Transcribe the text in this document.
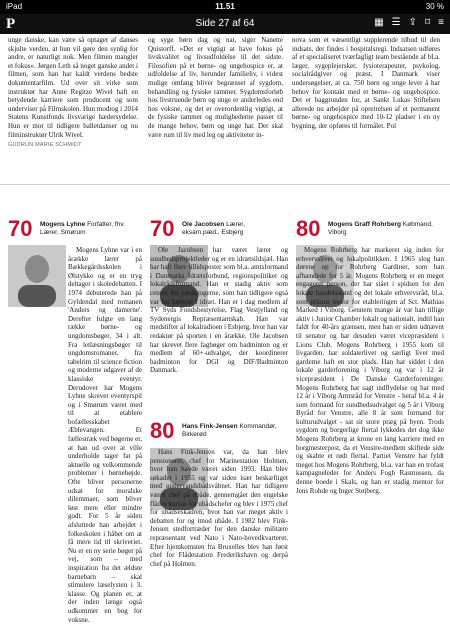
iPad	11.51	30 %
P	Side 27 af 64	▦ ☰ ⇪ ⌑ ≡

unge danske, kan være så optaget af danses skjulte verden, at hun vil gøre den synlig for andre, er naturligt nok. Men filmen mangler et fokus«. Jørgen Leth så noget ganske andet i filmen, som han har kaldt verdens bedste dokumentarfilm. Ud over sit virke som instruktør har Anne Regitze Wivel haft en betydende karriere som producent og som underviser på Filmskolen. Hun modtog i 2014 Statens Kunstfonds livsvarige hædersydelse. Hun er mor til tidligere balletdanser og nu filminstruktør Ulrik Wivel.

GUDRUN MARIE SCHMIDT

og syge børn dag og nat, siger Nanette Quistorff. »Det er vigtigt at have fokus på livskvalitet og livsudfoldelse til det sidste. Filosofien på et børne- og ungehospice er, at udfoldelse af liv, herunder familieliv, i videst mulige omfang bliver begrænset af sygdom, behandling og fysiske rammer. Sygdomsforløb hos livstruende børn og unge er anderledes end hos voksne, og det er overordentlig vigtigt, at de fysiske rammer og mulighederne passer til de mange behov, børn og unge har. Der skal være rum til liv med leg og aktiviteter in-

nova som et væsentligt supplerende tilbud til den indsats, der findes i hospitalsregi. Indsatsen udføres af et specialiseret tværfagligt team bestående af bl.a. læger, sygeplejersker, fysioterapeuter, psykolog, socialrådgiver og præst. I Danmark viser undersøgelser, at ca. 750 børn og unge lever å har behov for kontakt med et børne- og ungehospice. Det er baggrunden for, at Sankt Lukas Stiftelsen allerede nu arbejder på opretrelsen af et permanent børne- og ungehospice med 10-12 pladser i en ny bygning, der opføres til formålet. Pol

70 Mogens Lyhne Forfatter, fhv. Lærer, Smørum

Mogens Lyhne var i en årække lærer på Bækkegårdsskolen i Ølstykke og er en tryg deltager i skoledebatten. I 1974 debuterede han på Gyldendal med romanen 'Anders og damerne'. Derefter fulgte en lang række børne- og ungdomsbøger, 34 i alt. Fra letlæsningsbøger til ungdomsromaner, fra tabelrim til science fiction og moderne udgaver af de klassiske eventyr. Derudover har Mogens Lyhne skrevet eventyrspil og i Smørum været med til at etablere bofællesskabet Æblevangen. Et fællestræk ved bøgerne er, at han ud over at ville underholde tager fat på aktuelle og velkommende problemer i børnehøjde. Ofte bliver personerne udsat for moralske dilemmaer, som bliver løst mere eller mindre godt. For 5 år siden afsluttede han arbejdet i folkeskolen i håbet om at få mere tid til skriveriet. Nu er en ny serie bøger på vej, som – med inspiration fra det ældste barnebarn – skal stimulere læselysten i 3. klasse. Og planen er, at der inden længe også udkommer en bog for voksne.

70 Ole Jacobsen Lærer, eksam.pæd., Esbjerg

Ole Jacobsen har været lærer og sundhedsprojektleder og er en idrætsildsjæl. Han har haft flere tillidsposter som bl.a. amtsformand i Danmarks Idrætsforbund, regionspolitiker og lokalrådsformand. Han er stadig aktiv som censor for pædagogerne, som han tidligere også var for lærerne i idræt. Han er i dag medlem af TV Syds Fondsbestyrelse, Flag Vestjylland og Sydenergis Repræsentantskab. Han var medstifter af lokalradioen i Esbjerg, hvor han var redaktør på sporten i en årække. Ole Jacobsen har skrevet flere fagbøger om badminton og er medlem af 60+-udvalget, der koordinerer badminton for DGI og DIF/Badminton Danmark.

80 Hans Fink-Jensen Kommandør, Birkerød

Hans Fink-Jensen var, da han blev pensioneret, chef for Marinestation Holmen, hvor han havde været siden 1993. Han blev søkadet i 1955 og var siden især beskæftiget med undervandsbådsvåbnet. Han har tidligere været chef på ubåde, gennemgået den engelske flådes kursus for ubådschefer og blev i 1975 chef for ubådseskadren, hvor han var meget aktiv i debatten for og imod ubåde. I 1982 blev Fink-Jensen stedfortræder for den danske militære repræsentant ved Nato i Nato-hovedkvarteret. Efter hjemkomsten fra Bruxelles blev han først chef for Flådestation Frederikshavn og derpå chef på Holmen.

80 Mogens Graff Rohrberg Købmand, Viborg

Mogens Rohrberg har markeret sig inden for erhvervslivet og lokalpolitikken. I 1965 slog han dørene op for Rohrberg Gardiner, som han afhændede for 5 år. Mogens Rohrberg er en meget engageret person, der har stået i spidsen for den lokale handelsstand og det lokale erhvervsråd, bl.a. som primus motor for etableringen af Sct. Mathias Marked i Viborg. Gennem mange år var han tillige aktiv i Junior Chamber lokalt og nationalt, indtil han faldt for 40-års grænsen, men han er siden udnævnt til senator og har desuden været vicepræsident i Lions Club. Mogens Rohrberg i 1955 kom til livgarden, har soldaterlivet og særligt livet med garderne haft en stor plads. Han har siddet i den lokale garderforening i Viborg og var i 12 år vicepræsident i De Danske Garderforeninger. Mogens Rohrberg har sagt indflydelse og har med 12 år i Viborg Amtsråd for Venstre - heraf bl.a. 4 år som formand for sundhedsudvalget og 5 år i Viborg Byråd for Venstre, alle 8 år som formand for kulturudvalget - sat sit store præg på byen. Trods sygdom og borgerlige flertal lykkedes det dog ikke Mogens Rohrberg at krone en lang karriere med en borgmesterpost, da et Venstre-medlem skiftede side og skabte et rødt flertal. Partiet Venstre har fyldt meget hos Mogens Rohrberg, bl.a. var han en trofast kampagneleder for Anders Fogh Rasmussen, da denne boede i Skals, og han er stadig mentor for Jens Rohde og Inger Støjberg.
